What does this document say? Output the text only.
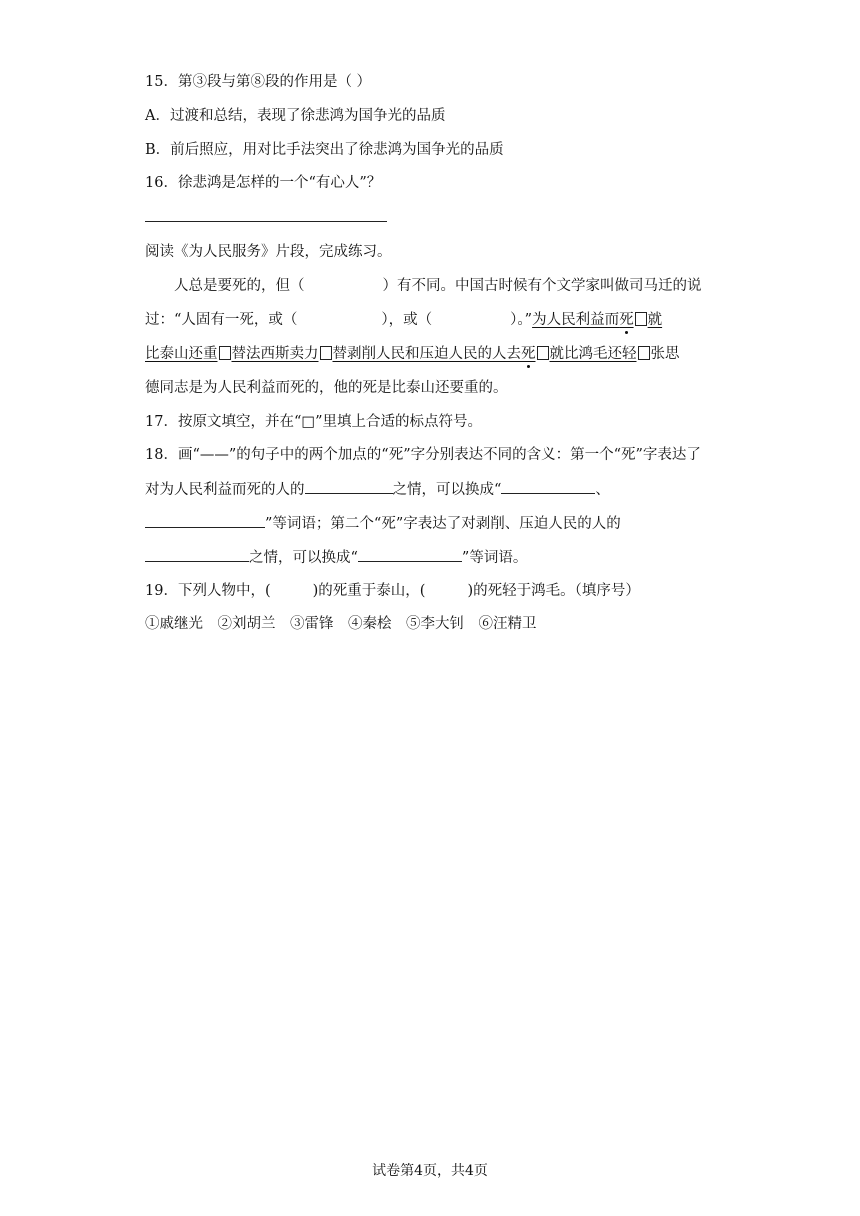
15．第③段与第⑧段的作用是（ ）
A．过渡和总结，表现了徐悲鸿为国争光的品质
B．前后照应，用对比手法突出了徐悲鸿为国争光的品质
16．徐悲鸿是怎样的一个“有心人”？
阅读《为人民服务》片段，完成练习。
人总是要死的，但（	）有不同。中国古时候有个文学家叫做司马迁的说
过：“人固有一死，或（	），或（	）。”为人民利益而死 就
比泰山还重 替法西斯卖力 替剥削人民和压迫人民的人去死 就比鸿毛还轻 张思
德同志是为人民利益而死的，他的死是比泰山还要重的。
17．按原文填空，并在“□”里填上合适的标点符号。
18．画“——”的句子中的两个加点的“死”字分别表达不同的含义：第一个“死”字表达了
对为人民利益而死的人的	之情，可以换成“	、
”等词语；第二个“死”字表达了对剥削、压迫人民的人的
之情，可以换成“	”等词语。
19．下列人物中，(	)的死重于泰山，(	)的死轻于鸿毛。（填序号）
①戚继光　②刘胡兰　③雷锋　④秦桧　⑤李大钊　⑥汪精卫
试卷第4页，共4页
